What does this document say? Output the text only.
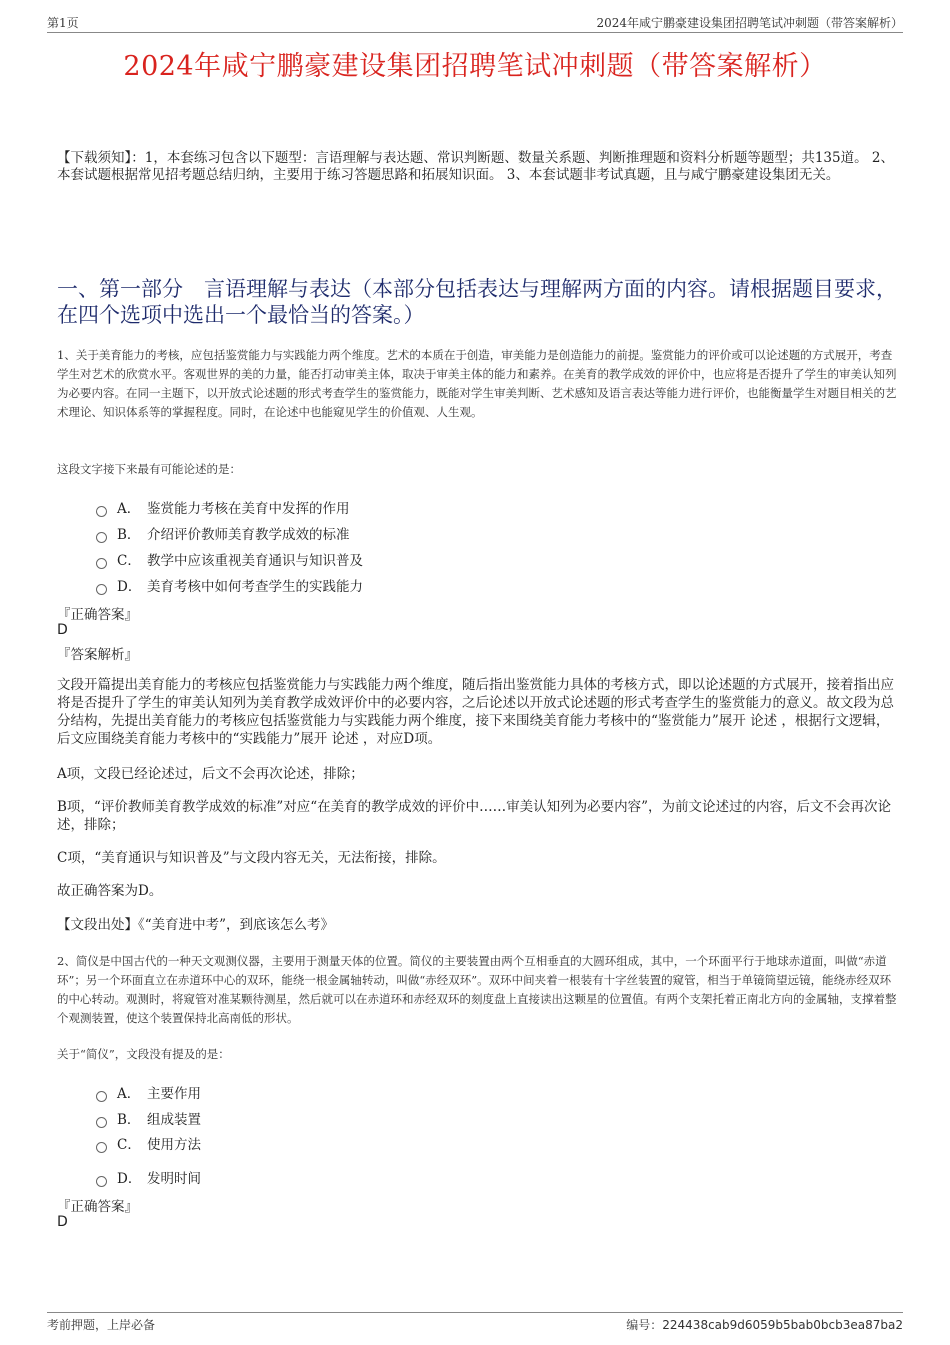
第1页	2024年咸宁鹏豪建设集团招聘笔试冲刺题（带答案解析）
2024年咸宁鹏豪建设集团招聘笔试冲刺题（带答案解析）
【下载须知】：1，本套练习包含以下题型：言语理解与表达题、常识判断题、数量关系题、判断推理题和资料分析题等题型；共135道。 2、本套试题根据常见招考题总结归纳，主要用于练习答题思路和拓展知识面。 3、本套试题非考试真题，且与咸宁鹏豪建设集团无关。
一、第一部分　言语理解与表达（本部分包括表达与理解两方面的内容。请根据题目要求，在四个选项中选出一个最恰当的答案。）
1、关于美育能力的考核，应包括鉴赏能力与实践能力两个维度。艺术的本质在于创造，审美能力是创造能力的前提。鉴赏能力的评价或可以论述题的方式展开，考查学生对艺术的欣赏水平。客观世界的美的力量，能否打动审美主体，取决于审美主体的能力和素养。在美育的教学成效的评价中，也应将是否提升了学生的审美认知列为必要内容。在同一主题下，以开放式论述题的形式考查学生的鉴赏能力，既能对学生审美判断、艺术感知及语言表达等能力进行评价，也能衡量学生对题目相关的艺术理论、知识体系等的掌握程度。同时，在论述中也能窥见学生的价值观、人生观。
这段文字接下来最有可能论述的是：
A． 鉴赏能力考核在美育中发挥的作用
B． 介绍评价教师美育教学成效的标准
C． 教学中应该重视美育通识与知识普及
D． 美育考核中如何考查学生的实践能力
『正确答案』
D
『答案解析』
文段开篇提出美育能力的考核应包括鉴赏能力与实践能力两个维度，随后指出鉴赏能力具体的考核方式，即以论述题的方式展开，接着指出应将是否提升了学生的审美认知列为美育教学成效评价中的必要内容，之后论述以开放式论述题的形式考查学生的鉴赏能力的意义。故文段为总分结构，先提出美育能力的考核应包括鉴赏能力与实践能力两个维度，接下来围绕美育能力考核中的“鉴赏能力”展开 论述 ，根据行文逻辑，后文应围绕美育能力考核中的“实践能力”展开 论述 ，对应D项。
A项，文段已经论述过，后文不会再次论述，排除；
B项，“评价教师美育教学成效的标准”对应“在美育的教学成效的评价中……审美认知列为必要内容”，为前文论述过的内容，后文不会再次论述，排除；
C项，“美育通识与知识普及”与文段内容无关，无法衔接，排除。
故正确答案为D。
【文段出处】《“美育进中考”，到底该怎么考》
2、简仪是中国古代的一种天文观测仪器，主要用于测量天体的位置。简仪的主要装置由两个互相垂直的大圆环组成，其中，一个环面平行于地球赤道面，叫做“赤道环”；另一个环面直立在赤道环中心的双环，能绕一根金属轴转动，叫做“赤经双环”。双环中间夹着一根装有十字丝装置的窥管，相当于单镜筒望远镜，能绕赤经双环的中心转动。观测时，将窥管对准某颗待测星，然后就可以在赤道环和赤经双环的刻度盘上直接读出这颗星的位置值。有两个支架托着正南北方向的金属轴，支撑着整个观测装置，使这个装置保持北高南低的形状。
关于“简仪”，文段没有提及的是：
A． 主要作用
B． 组成装置
C． 使用方法
D． 发明时间
『正确答案』
D
考前押题，上岸必备	编号：224438cab9d6059b5bab0bcb3ea87ba2
